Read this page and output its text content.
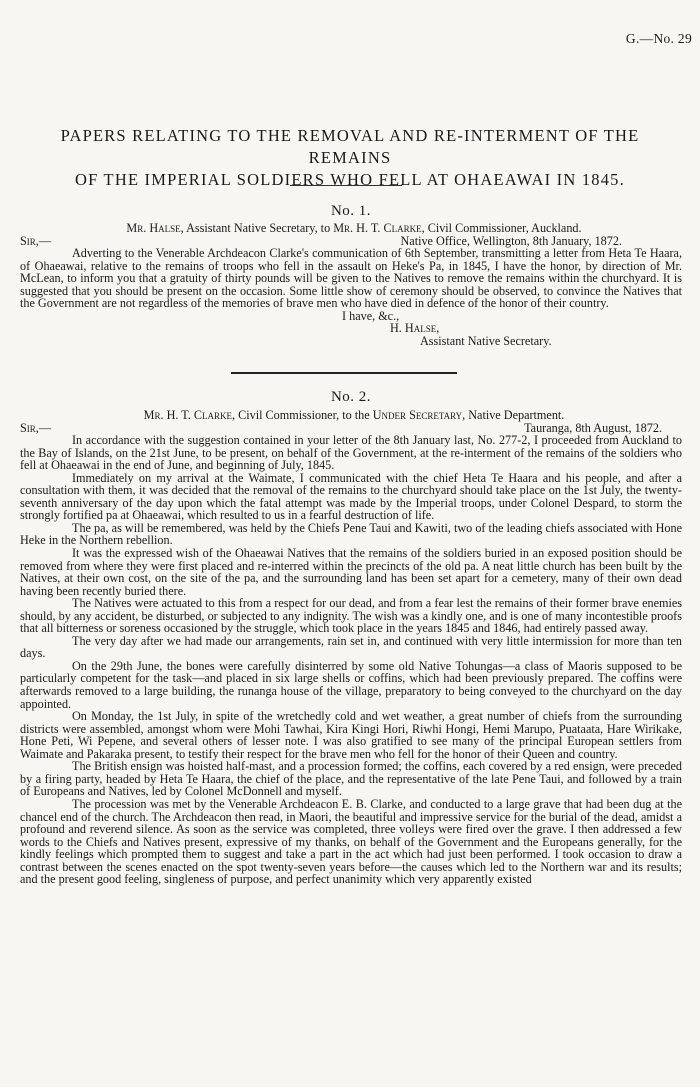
G.—No. 29
PAPERS RELATING TO THE REMOVAL AND RE-INTERMENT OF THE REMAINS
OF THE IMPERIAL SOLDIERS WHO FELL AT OHAEAWAI IN 1845.
No. 1.
Mr. Halse, Assistant Native Secretary, to Mr. H. T. Clarke, Civil Commissioner, Auckland.
Sir,—	Native Office, Wellington, 8th January, 1872.

Adverting to the Venerable Archdeacon Clarke's communication of 6th September, transmitting a letter from Heta Te Haara, of Ohaeawai, relative to the remains of troops who fell in the assault on Heke's Pa, in 1845, I have the honor, by direction of Mr. McLean, to inform you that a gratuity of thirty pounds will be given to the Natives to remove the remains within the churchyard. It is suggested that you should be present on the occasion. Some little show of ceremony should be observed, to convince the Natives that the Government are not regardless of the memories of brave men who have died in defence of the honor of their country.

I have, &c.,
H. Halse,
Assistant Native Secretary.
No. 2.
Mr. H. T. Clarke, Civil Commissioner, to the Under Secretary, Native Department.
Sir,—	Tauranga, 8th August, 1872.

In accordance with the suggestion contained in your letter of the 8th January last, No. 277-2, I proceeded from Auckland to the Bay of Islands, on the 21st June, to be present, on behalf of the Government, at the re-interment of the remains of the soldiers who fell at Ohaeawai in the end of June, and beginning of July, 1845.

Immediately on my arrival at the Waimate, I communicated with the chief Heta Te Haara and his people, and after a consultation with them, it was decided that the removal of the remains to the churchyard should take place on the 1st July, the twenty-seventh anniversary of the day upon which the fatal attempt was made by the Imperial troops, under Colonel Despard, to storm the strongly fortified pa at Ohaeawai, which resulted to us in a fearful destruction of life.

The pa, as will be remembered, was held by the Chiefs Pene Taui and Kawiti, two of the leading chiefs associated with Hone Heke in the Northern rebellion.

It was the expressed wish of the Ohaeawai Natives that the remains of the soldiers buried in an exposed position should be removed from where they were first placed and re-interred within the precincts of the old pa. A neat little church has been built by the Natives, at their own cost, on the site of the pa, and the surrounding land has been set apart for a cemetery, many of their own dead having been recently buried there.

The Natives were actuated to this from a respect for our dead, and from a fear lest the remains of their former brave enemies should, by any accident, be disturbed, or subjected to any indignity. The wish was a kindly one, and is one of many incontestible proofs that all bitterness or soreness occasioned by the struggle, which took place in the years 1845 and 1846, had entirely passed away.

The very day after we had made our arrangements, rain set in, and continued with very little intermission for more than ten days.

On the 29th June, the bones were carefully disinterred by some old Native Tohungas—a class of Maoris supposed to be particularly competent for the task—and placed in six large shells or coffins, which had been previously prepared. The coffins were afterwards removed to a large building, the runanga house of the village, preparatory to being conveyed to the churchyard on the day appointed.

On Monday, the 1st July, in spite of the wretchedly cold and wet weather, a great number of chiefs from the surrounding districts were assembled, amongst whom were Mohi Tawhai, Kira Kingi Hori, Riwhi Hongi, Hemi Marupo, Puataata, Hare Wirikake, Hone Peti, Wi Pepene, and several others of lesser note. I was also gratified to see many of the principal European settlers from Waimate and Pakaraka present, to testify their respect for the brave men who fell for the honor of their Queen and country.

The British ensign was hoisted half-mast, and a procession formed; the coffins, each covered by a red ensign, were preceded by a firing party, headed by Heta Te Haara, the chief of the place, and the representative of the late Pene Taui, and followed by a train of Europeans and Natives, led by Colonel McDonnell and myself.

The procession was met by the Venerable Archdeacon E. B. Clarke, and conducted to a large grave that had been dug at the chancel end of the church. The Archdeacon then read, in Maori, the beautiful and impressive service for the burial of the dead, amidst a profound and reverend silence. As soon as the service was completed, three volleys were fired over the grave. I then addressed a few words to the Chiefs and Natives present, expressive of my thanks, on behalf of the Government and the Europeans generally, for the kindly feelings which prompted them to suggest and take a part in the act which had just been performed. I took occasion to draw a contrast between the scenes enacted on the spot twenty-seven years before—the causes which led to the Northern war and its results; and the present good feeling, singleness of purpose, and perfect unanimity which very apparently existed
